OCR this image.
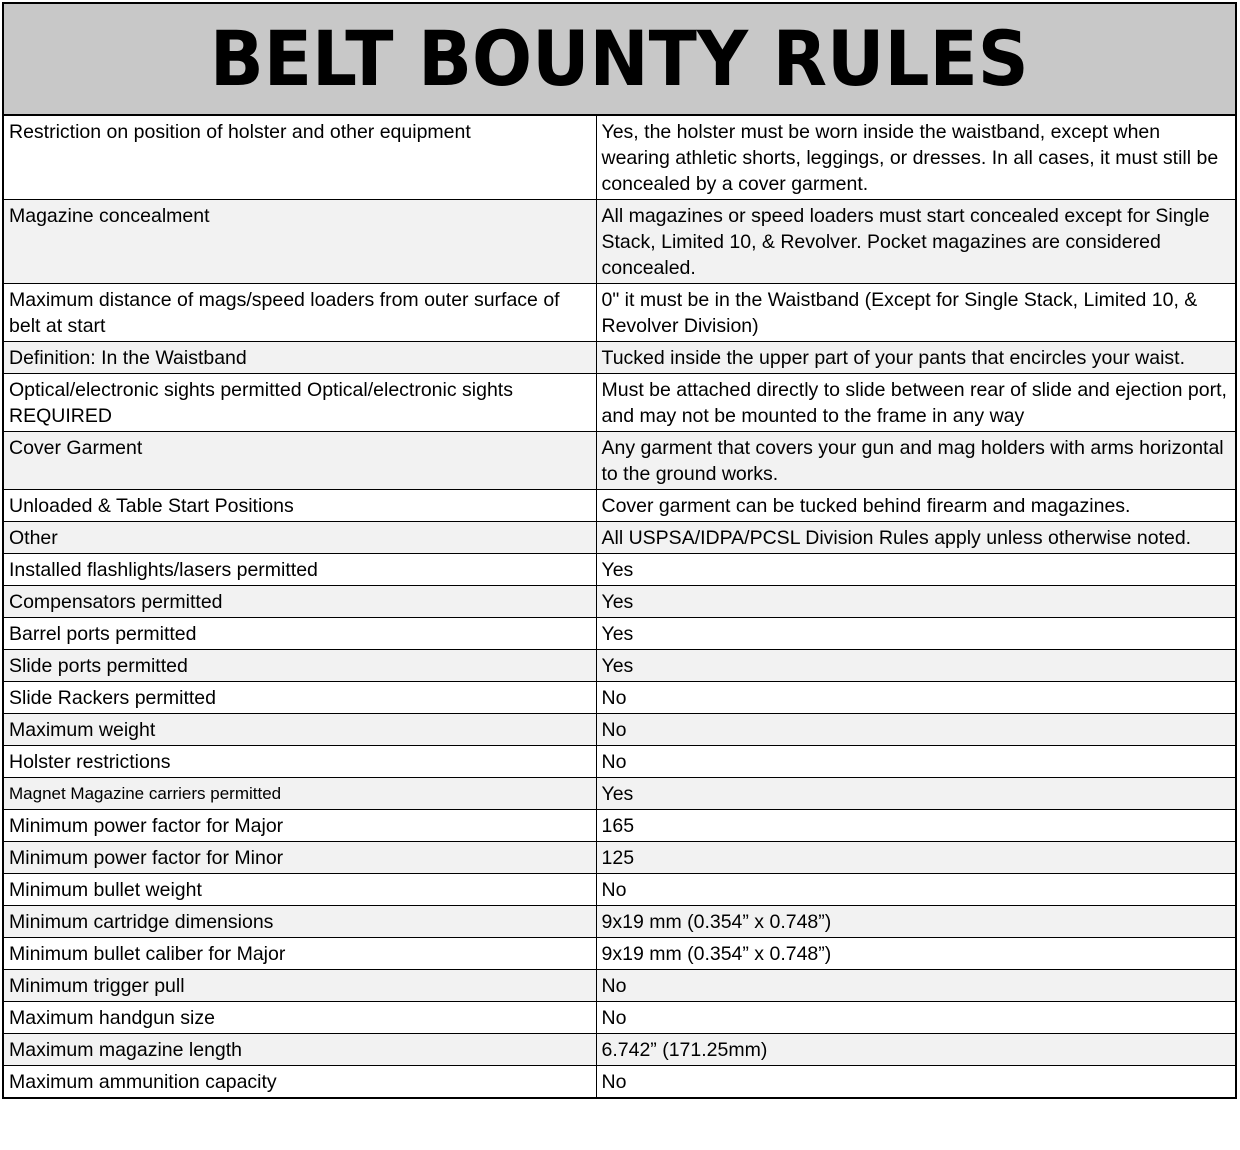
BELT BOUNTY RULES
Restriction on position of holster and other equipment	Yes, the holster must be worn inside the waistband, except when wearing athletic shorts, leggings, or dresses. In all cases, it must still be concealed by a cover garment.
Magazine concealment	All magazines or speed loaders must start concealed except for Single Stack, Limited 10, & Revolver. Pocket magazines are considered concealed.
Maximum distance of mags/speed loaders from outer surface of belt at start	0" it must be in the Waistband (Except for Single Stack, Limited 10, & Revolver Division)
Definition: In the Waistband	Tucked inside the upper part of your pants that encircles your waist.
Optical/electronic sights permitted Optical/electronic sights REQUIRED	Must be attached directly to slide between rear of slide and ejection port, and may not be mounted to the frame in any way
Cover Garment	Any garment that covers your gun and mag holders with arms horizontal to the ground works.
Unloaded & Table Start Positions	Cover garment can be tucked behind firearm and magazines.
Other	All USPSA/IDPA/PCSL Division Rules apply unless otherwise noted.
Installed flashlights/lasers permitted	Yes
Compensators permitted	Yes
Barrel ports permitted	Yes
Slide ports permitted	Yes
Slide Rackers permitted	No
Maximum weight	No
Holster restrictions	No
Magnet Magazine carriers permitted	Yes
Minimum power factor for Major	165
Minimum power factor for Minor	125
Minimum bullet weight	No
Minimum cartridge dimensions	9x19 mm (0.354” x 0.748”)
Minimum bullet caliber for Major	9x19 mm (0.354” x 0.748”)
Minimum trigger pull	No
Maximum handgun size	No
Maximum magazine length	6.742” (171.25mm)
Maximum ammunition capacity	No
